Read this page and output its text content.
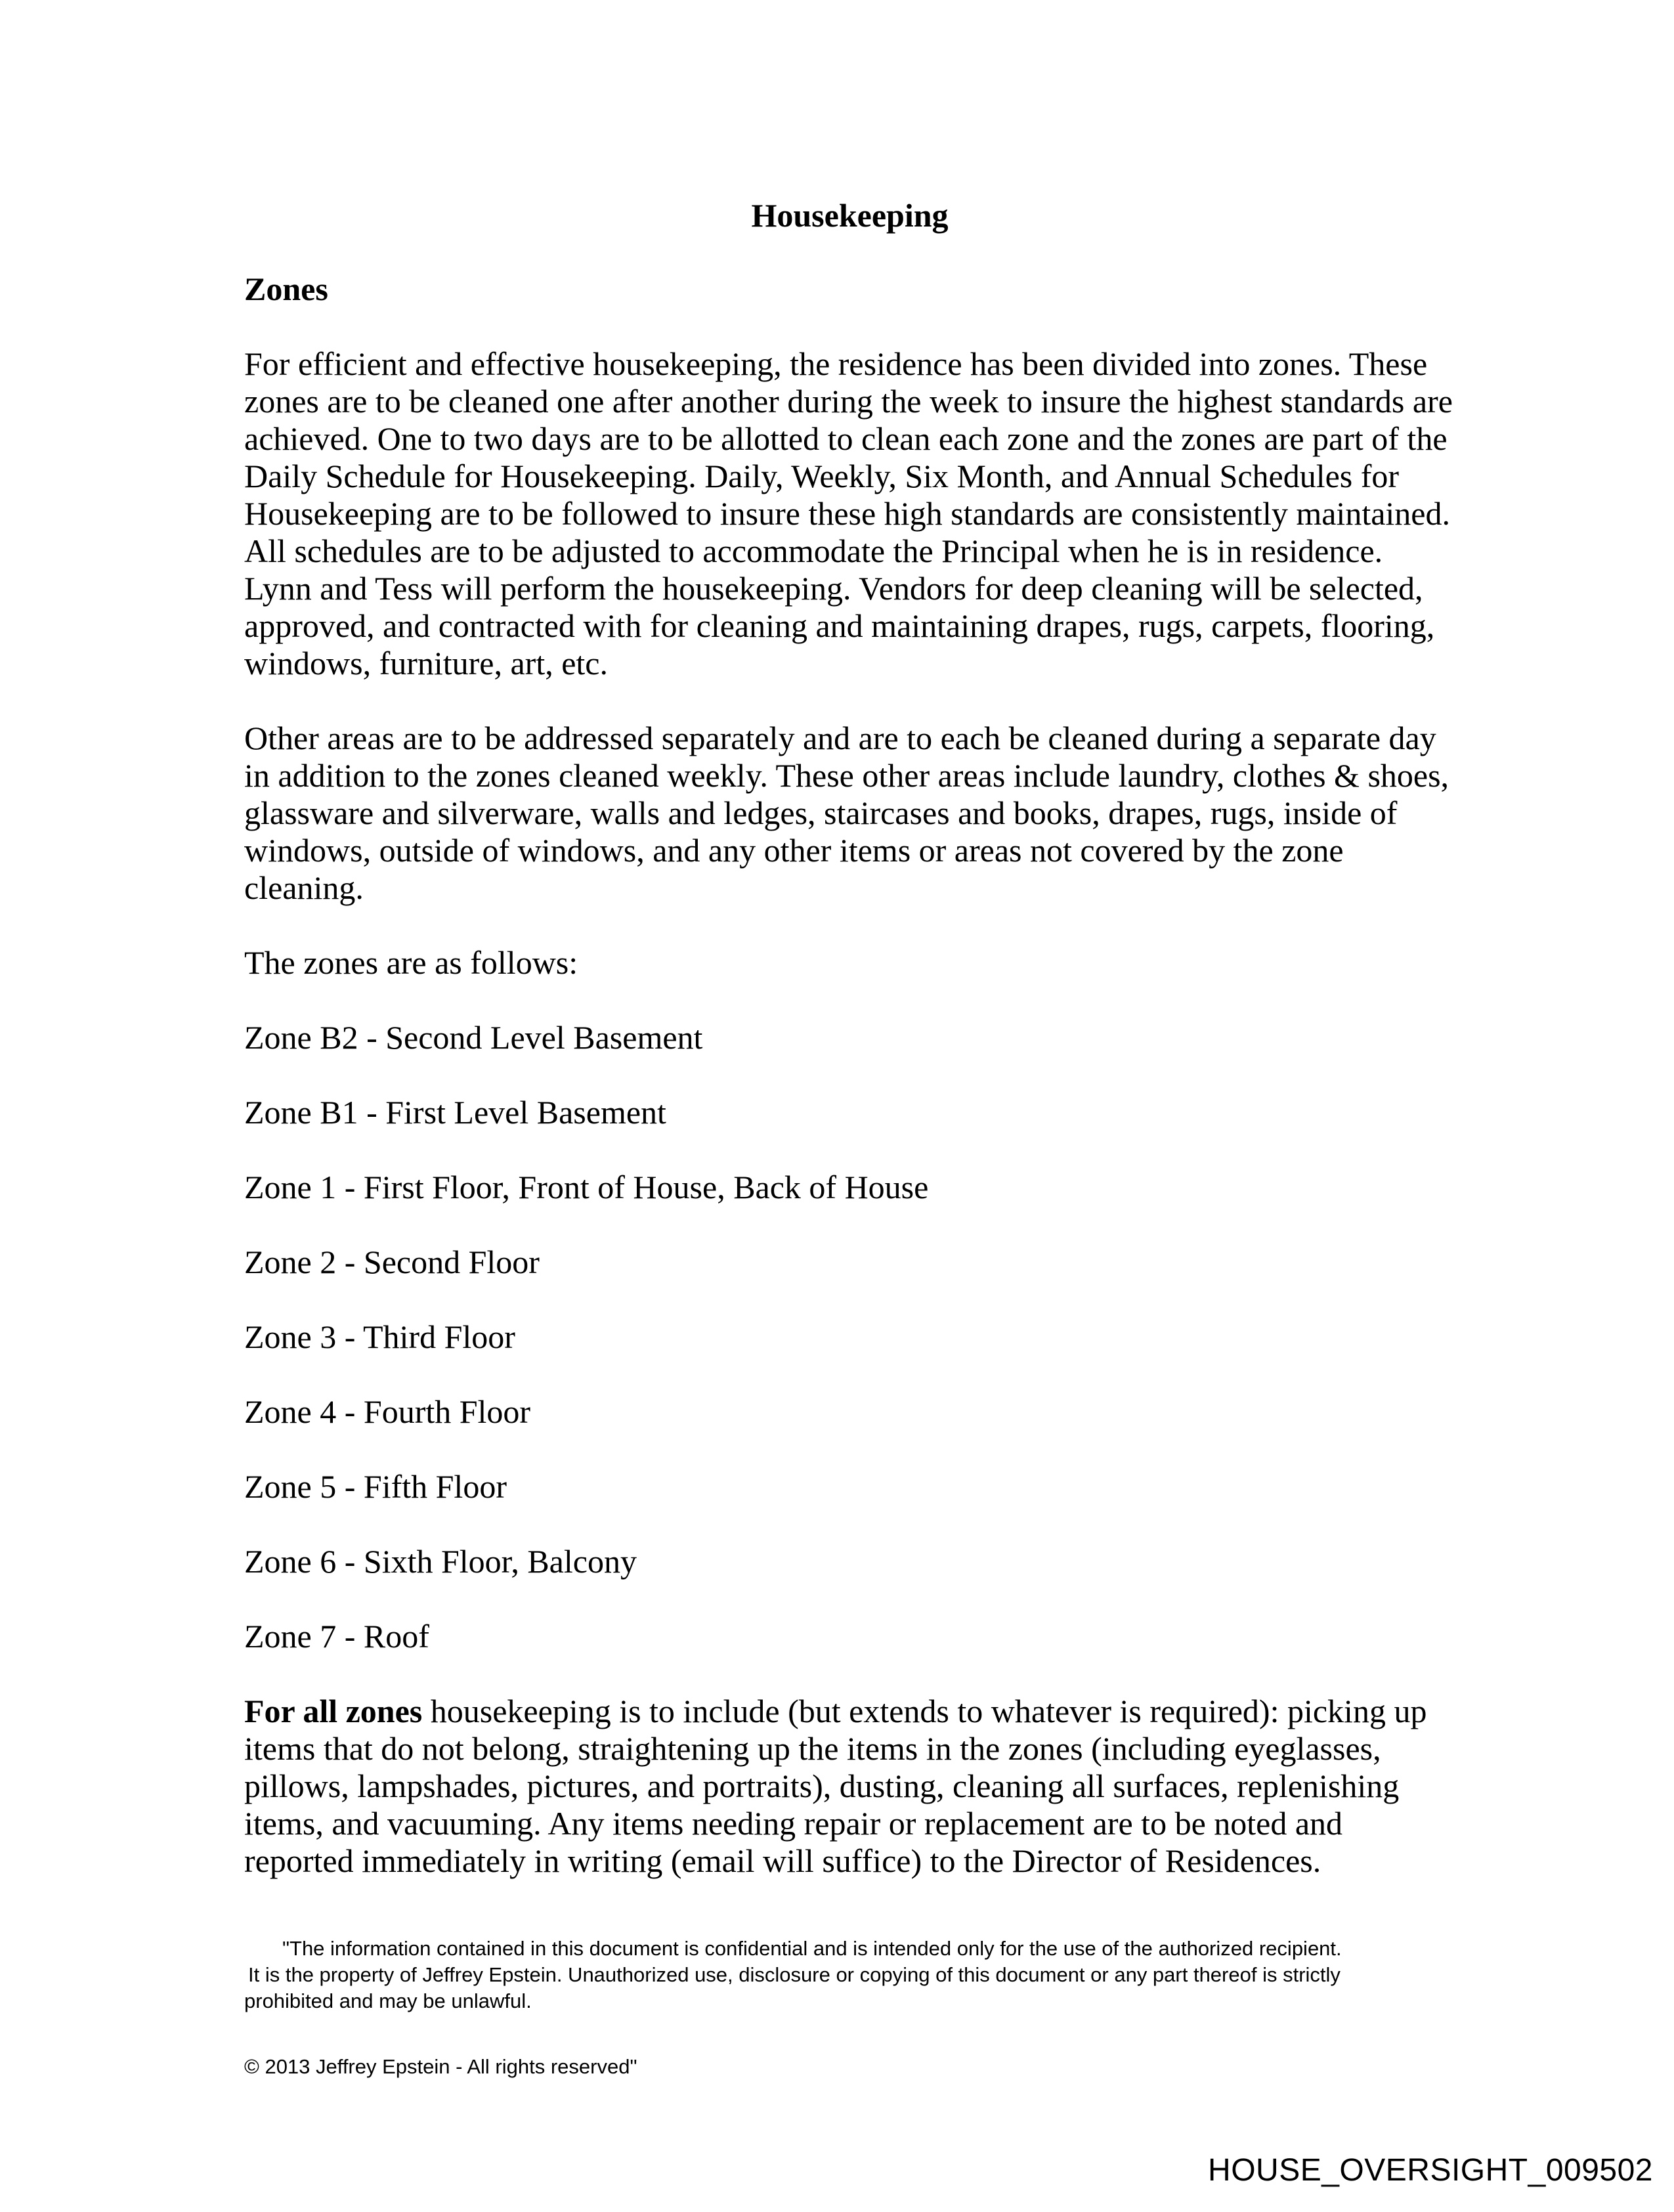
Housekeeping
Zones

For efficient and effective housekeeping, the residence has been divided into zones. These zones are to be cleaned one after another during the week to insure the highest standards are achieved. One to two days are to be allotted to clean each zone and the zones are part of the Daily Schedule for Housekeeping. Daily, Weekly, Six Month, and Annual Schedules for Housekeeping are to be followed to insure these high standards are consistently maintained. All schedules are to be adjusted to accommodate the Principal when he is in residence. Lynn and Tess will perform the housekeeping. Vendors for deep cleaning will be selected, approved, and contracted with for cleaning and maintaining drapes, rugs, carpets, flooring, windows, furniture, art, etc.

Other areas are to be addressed separately and are to each be cleaned during a separate day in addition to the zones cleaned weekly. These other areas include laundry, clothes & shoes, glassware and silverware, walls and ledges, staircases and books, drapes, rugs, inside of windows, outside of windows, and any other items or areas not covered by the zone cleaning.

The zones are as follows:

Zone B2 - Second Level Basement

Zone B1 - First Level Basement

Zone 1 - First Floor, Front of House, Back of House

Zone 2 - Second Floor

Zone 3 - Third Floor

Zone 4 - Fourth Floor

Zone 5 - Fifth Floor

Zone 6 - Sixth Floor, Balcony

Zone 7 - Roof

For all zones housekeeping is to include (but extends to whatever is required): picking up items that do not belong, straightening up the items in the zones (including eyeglasses, pillows, lampshades, pictures, and portraits), dusting, cleaning all surfaces, replenishing items, and vacuuming. Any items needing repair or replacement are to be noted and reported immediately in writing (email will suffice) to the Director of Residences.

"The information contained in this document is confidential and is intended only for the use of the authorized recipient.
It is the property of Jeffrey Epstein. Unauthorized use, disclosure or copying of this document or any part thereof is strictly
prohibited and may be unlawful.

© 2013 Jeffrey Epstein - All rights reserved"

HOUSE_OVERSIGHT_009502
